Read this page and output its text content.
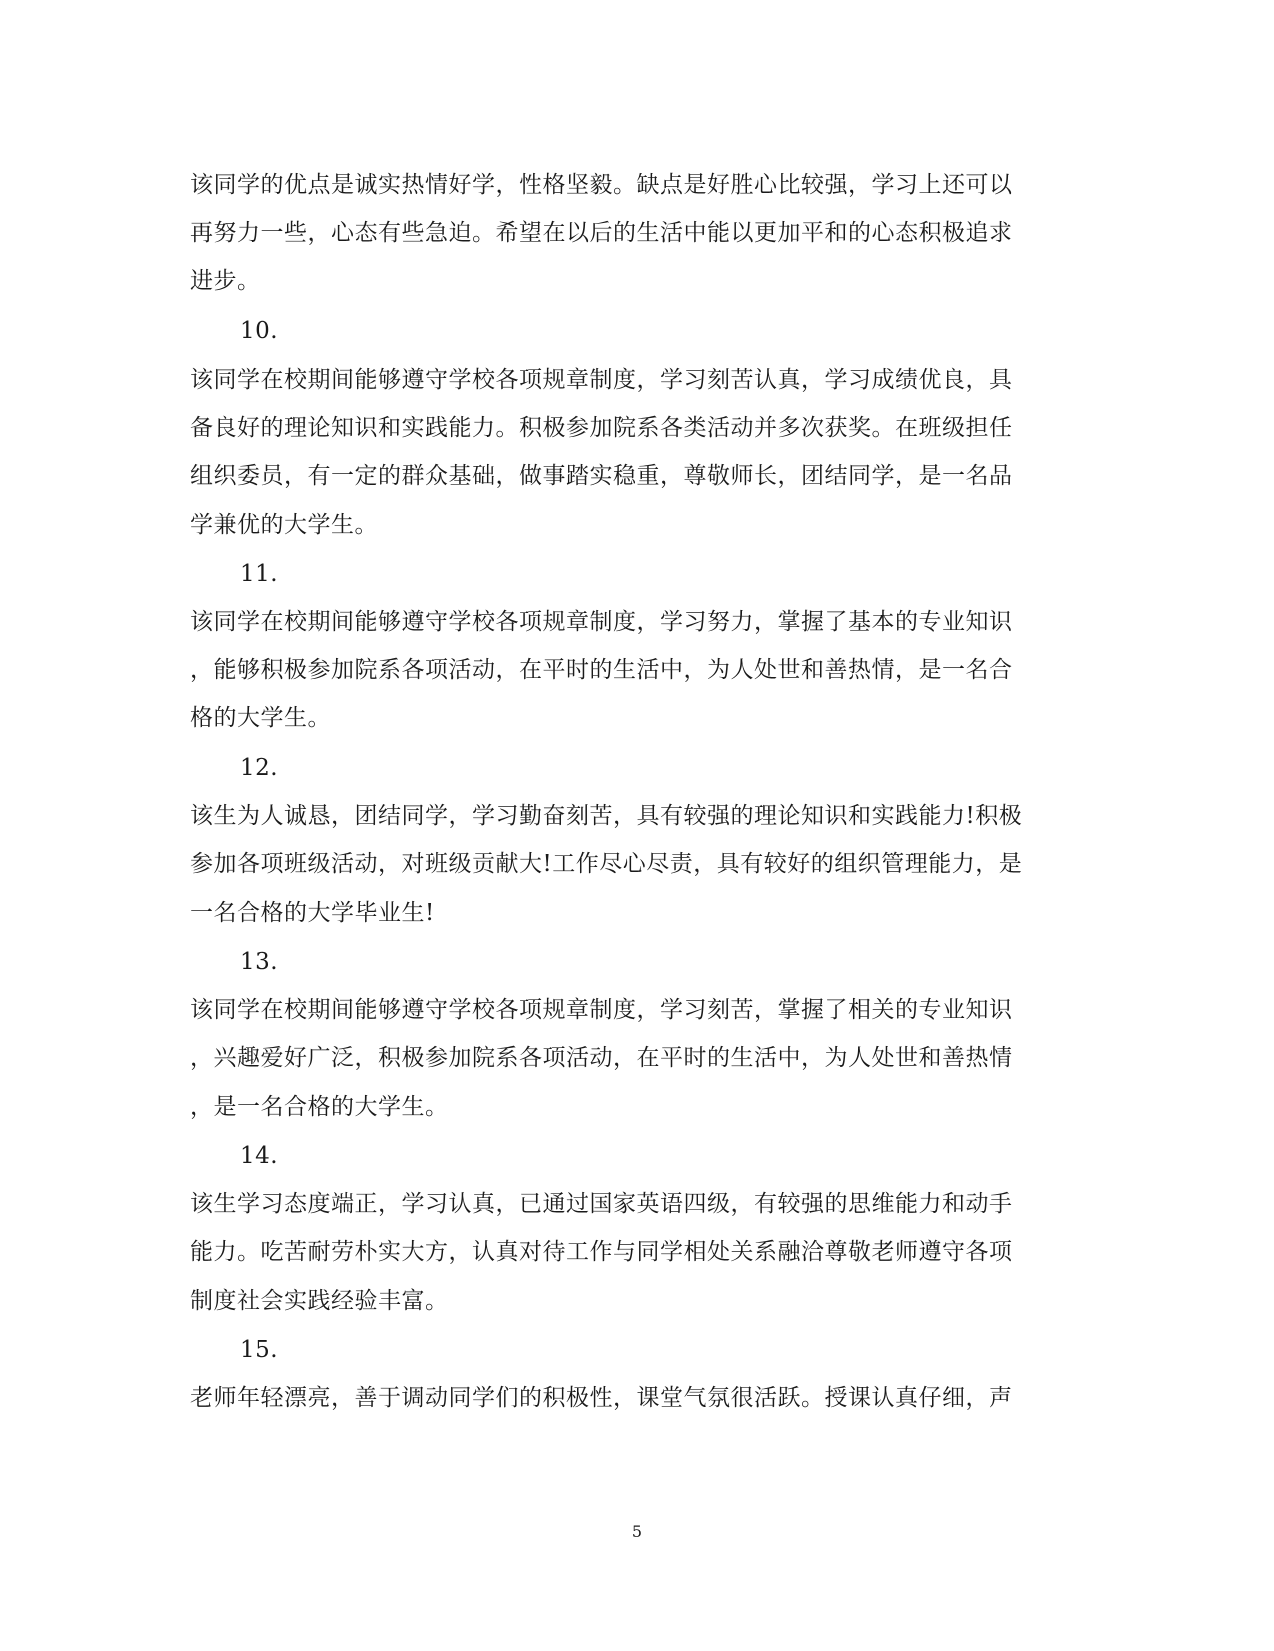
该同学的优点是诚实热情好学，性格坚毅。缺点是好胜心比较强，学习上还可以
再努力一些，心态有些急迫。希望在以后的生活中能以更加平和的心态积极追求
进步。
10.
该同学在校期间能够遵守学校各项规章制度，学习刻苦认真，学习成绩优良，具
备良好的理论知识和实践能力。积极参加院系各类活动并多次获奖。在班级担任
组织委员，有一定的群众基础，做事踏实稳重，尊敬师长，团结同学，是一名品
学兼优的大学生。
11.
该同学在校期间能够遵守学校各项规章制度，学习努力，掌握了基本的专业知识
，能够积极参加院系各项活动，在平时的生活中，为人处世和善热情，是一名合
格的大学生。
12.
该生为人诚恳，团结同学，学习勤奋刻苦，具有较强的理论知识和实践能力!积极
参加各项班级活动，对班级贡献大!工作尽心尽责，具有较好的组织管理能力，是
一名合格的大学毕业生!
13.
该同学在校期间能够遵守学校各项规章制度，学习刻苦，掌握了相关的专业知识
，兴趣爱好广泛，积极参加院系各项活动，在平时的生活中，为人处世和善热情
，是一名合格的大学生。
14.
该生学习态度端正，学习认真，已通过国家英语四级，有较强的思维能力和动手
能力。吃苦耐劳朴实大方，认真对待工作与同学相处关系融洽尊敬老师遵守各项
制度社会实践经验丰富。
15.
老师年轻漂亮，善于调动同学们的积极性，课堂气氛很活跃。授课认真仔细，声
5
